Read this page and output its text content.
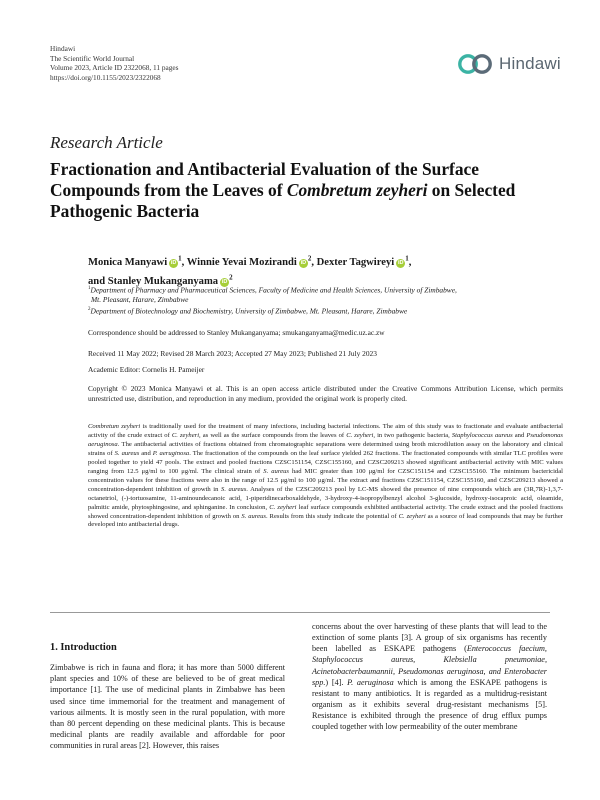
Hindawi
The Scientific World Journal
Volume 2023, Article ID 2322068, 11 pages
https://doi.org/10.1155/2023/2322068
Hindawi
Research Article
Fractionation and Antibacterial Evaluation of the Surface Compounds from the Leaves of Combretum zeyheri on Selected Pathogenic Bacteria
Monica Manyawi $iD^1$, Winnie Yevai Mozirandi $iD^2$, Dexter Tagwireyi $iD^1$,
and Stanley Mukanganyama $iD^2$

$^1$Department of Pharmacy and Pharmaceutical Sciences, Faculty of Medicine and Health Sciences, University of Zimbabwe,
Mt. Pleasant, Harare, Zimbabwe

$^2$Department of Biotechnology and Biochemistry, University of Zimbabwe, Mt. Pleasant, Harare, Zimbabwe

Correspondence should be addressed to Stanley Mukanganyama; smukanganyama@medic.uz.ac.zw
Received 11 May 2022; Revised 28 March 2023; Accepted 27 May 2023; Published 21 July 2023
Academic Editor: Cornelis H. Pameijer
Copyright © 2023 Monica Manyawi et al. This is an open access article distributed under the Creative Commons Attribution License, which permits unrestricted use, distribution, and reproduction in any medium, provided the original work is properly cited.
Combretum zeyheri is traditionally used for the treatment of many infections, including bacterial infections. The aim of this study was to fractionate and evaluate antibacterial activity of the crude extract of C. zeyheri, as well as the surface compounds from the leaves of C. zeyheri, in two pathogenic bacteria, Staphylococcus aureus and Pseudomonas aeruginosa. The antibacterial activities of fractions obtained from chromatographic separations were determined using broth microdilution assay on the laboratory and clinical strains of S. aureus and P. aeruginosa. The fractionation of the compounds on the leaf surface yielded 262 fractions. The fractionated compounds with similar TLC profiles were pooled together to yield 47 pools. The extract and pooled fractions CZSC151154, CZSC155160, and CZSC209213 showed significant antibacterial activity with MIC values ranging from 12.5 μg/ml to 100 μg/ml. The clinical strain of S. aureus had MIC greater than 100 μg/ml for CZSC151154 and CZSC155160. The minimum bactericidal concentration values for these fractions were also in the range of 12.5 μg/ml to 100 μg/ml. The extract and fractions CZSC151154, CZSC155160, and CZSC209213 showed a concentration-dependent inhibition of growth in S. aureus. Analyses of the CZSC209213 pool by LC-MS showed the presence of nine compounds which are (3R,7R)-1,3,7-octanetriol, (-)-tortuosamine, 11-aminoundecanoic acid, 1-piperidinecarboxaldehyde, 3-hydroxy-4-isopropylbenzyl alcohol 3-glucoside, hydroxy-isocaproic acid, oleamide, palmitic amide, phytosphingosine, and sphinganine. In conclusion, C. zeyheri leaf surface compounds exhibited antibacterial activity. The crude extract and the pooled fractions showed concentration-dependent inhibition of growth on S. aureus. Results from this study indicate the potential of C. zeyheri as a source of lead compounds that may be further developed into antibacterial drugs.
1. Introduction

Zimbabwe is rich in fauna and flora; it has more than 5000 different plant species and 10% of these are believed to be of great medical importance [1]. The use of medicinal plants in Zimbabwe has been used since time immemorial for the treatment and management of various ailments. It is mostly seen in the rural population, with more than 80 percent depending on these medicinal plants. This is because medicinal plants are readily available and affordable for poor communities in rural areas [2]. However, this raises

concerns about the over harvesting of these plants that will lead to the extinction of some plants [3]. A group of six organisms has recently been labelled as ESKAPE pathogens (Enterococcus faecium, Staphylococcus aureus, Klebsiella pneumoniae, Acinetobacterbaumannii, Pseudomonas aeruginosa, and Enterobacter spp.) [4]. P. aeruginosa which is among the ESKAPE pathogens is resistant to many antibiotics. It is regarded as a multidrug-resistant organism as it exhibits several drug-resistant mechanisms [5]. Resistance is exhibited through the presence of drug efflux pumps coupled together with low permeability of the outer membrane
